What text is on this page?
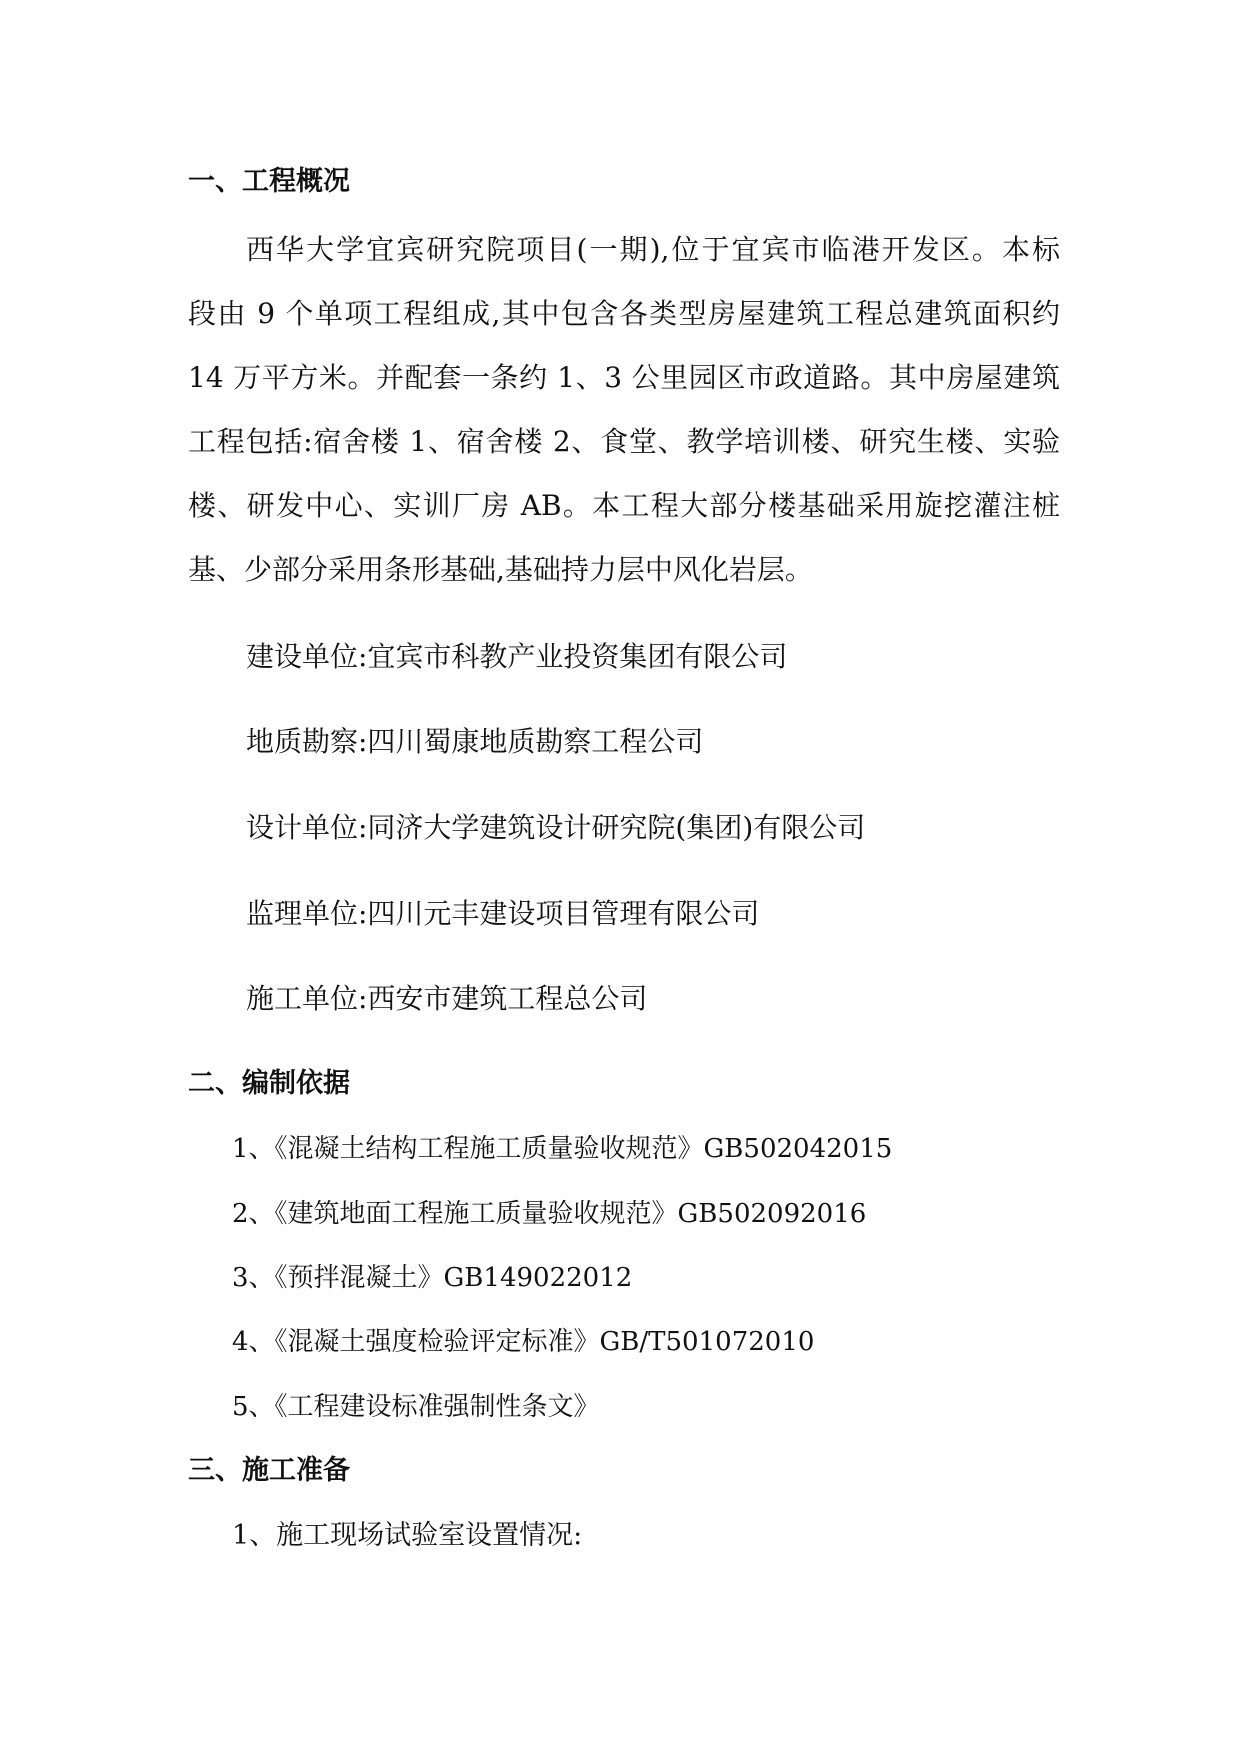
一、工程概况
西华大学宜宾研究院项目(一期),位于宜宾市临港开发区。本标
段由 9 个单项工程组成,其中包含各类型房屋建筑工程总建筑面积约
14 万平方米。并配套一条约 1、3 公里园区市政道路。其中房屋建筑
工程包括:宿舍楼 1、宿舍楼 2、食堂、教学培训楼、研究生楼、实验
楼、研发中心、实训厂房 AB。本工程大部分楼基础采用旋挖灌注桩
基、少部分采用条形基础,基础持力层中风化岩层。
建设单位:宜宾市科教产业投资集团有限公司
地质勘察:四川蜀康地质勘察工程公司
设计单位:同济大学建筑设计研究院(集团)有限公司
监理单位:四川元丰建设项目管理有限公司
施工单位:西安市建筑工程总公司
二、编制依据
1、《混凝土结构工程施工质量验收规范》GB502042015
2、《建筑地面工程施工质量验收规范》GB502092016
3、《预拌混凝土》GB149022012
4、《混凝土强度检验评定标准》GB/T501072010
5、《工程建设标准强制性条文》
三、施工准备
1、施工现场试验室设置情况:
